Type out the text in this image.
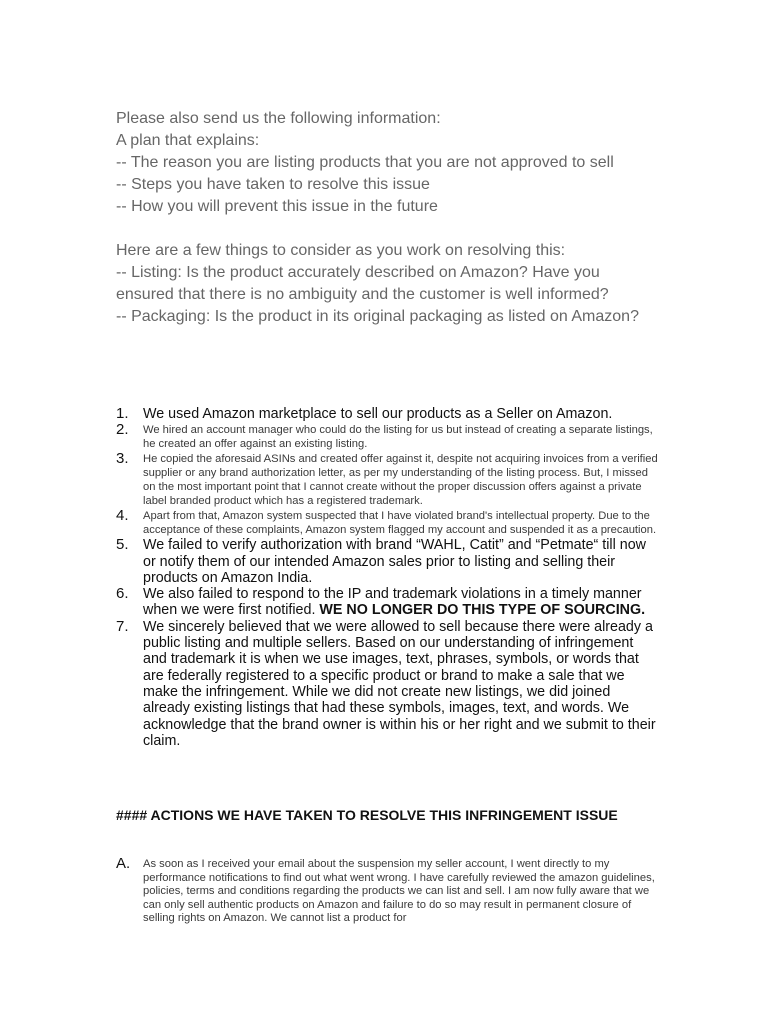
Please also send us the following information:

A plan that explains:

-- The reason you are listing products that you are not approved to sell

-- Steps you have taken to resolve this issue

-- How you will prevent this issue in the future

Here are a few things to consider as you work on resolving this:

-- Listing: Is the product accurately described on Amazon? Have you ensured that there is no ambiguity and the customer is well informed?

-- Packaging: Is the product in its original packaging as listed on Amazon?

1.	We used Amazon marketplace to sell our products as a Seller on Amazon.
2.	We hired an account manager who could do the listing for us but instead of creating a separate listings, he created an offer against an existing listing.
3.	He copied the aforesaid ASINs and created offer against it, despite not acquiring invoices from a verified supplier or any brand authorization letter, as per my understanding of the listing process. But, I missed on the most important point that I cannot create without the proper discussion offers against a private label branded product which has a registered trademark.
4.	Apart from that, Amazon system suspected that I have violated brand's intellectual property. Due to the acceptance of these complaints, Amazon system flagged my account and suspended it as a precaution.
5.	We failed to verify authorization with brand “WAHL, Catit” and “Petmate“ till now or notify them of our intended Amazon sales prior to listing and selling their products on Amazon India.
6.	We also failed to respond to the IP and trademark violations in a timely manner when we were first notified. WE NO LONGER DO THIS TYPE OF SOURCING.
7.	We sincerely believed that we were allowed to sell because there were already a public listing and multiple sellers. Based on our understanding of infringement and trademark it is when we use images, text, phrases, symbols, or words that are federally registered to a specific product or brand to make a sale that we make the infringement. While we did not create new listings, we did joined already existing listings that had these symbols, images, text, and words. We acknowledge that the brand owner is within his or her right and we submit to their claim.
#### ACTIONS WE HAVE TAKEN TO RESOLVE THIS INFRINGEMENT ISSUE
A.	As soon as I received your email about the suspension my seller account, I went directly to my performance notifications to find out what went wrong. I have carefully reviewed the amazon guidelines, policies, terms and conditions regarding the products we can list and sell. I am now fully aware that we can only sell authentic products on Amazon and failure to do so may result in permanent closure of selling rights on Amazon. We cannot list a product for
